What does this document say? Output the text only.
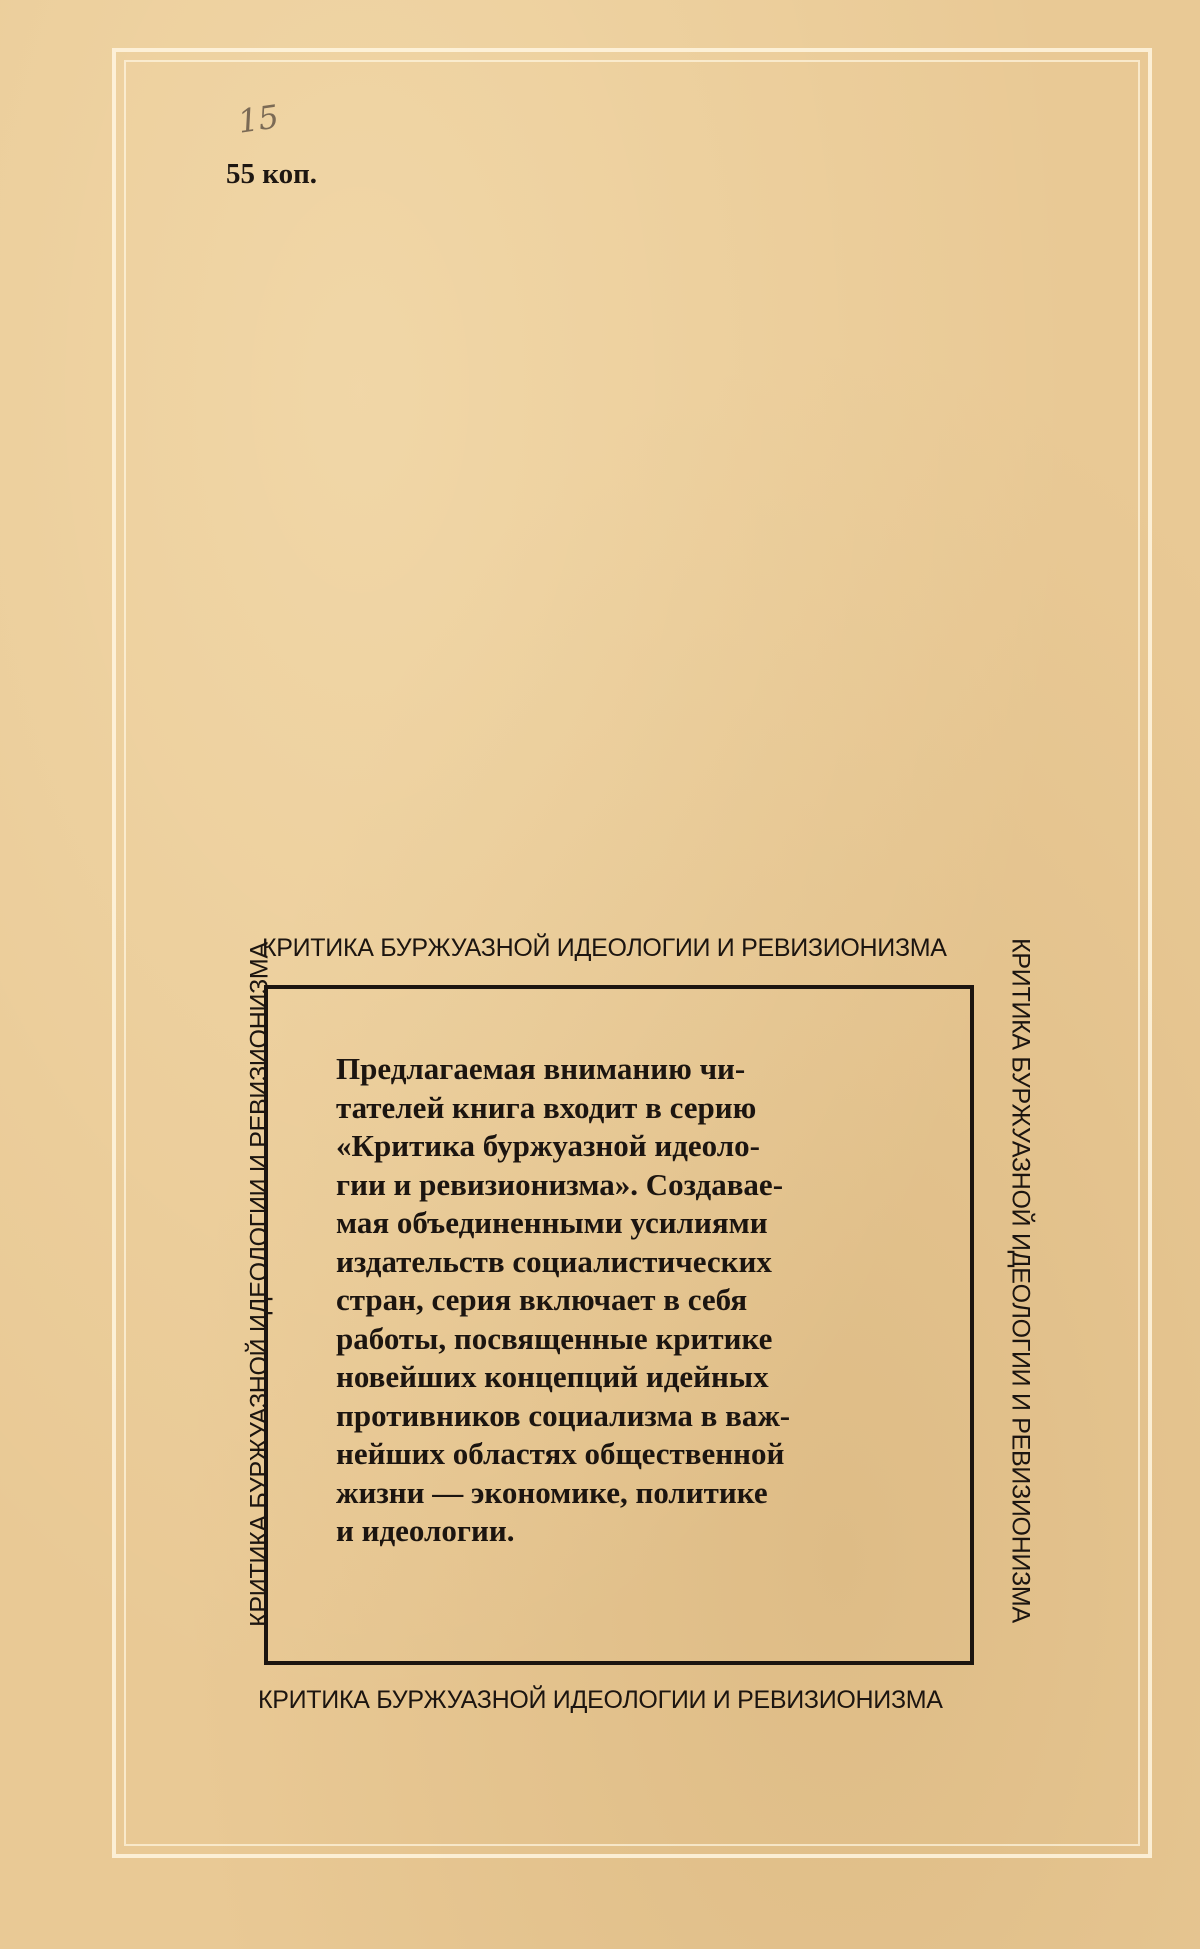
15
55 коп.
КРИТИКА БУРЖУАЗНОЙ ИДЕОЛОГИИ И РЕВИЗИОНИЗМА
КРИТИКА БУРЖУАЗНОЙ ИДЕОЛОГИИ И РЕВИЗИОНИЗМА	КРИТИКА БУРЖУАЗНОЙ ИДЕОЛОГИИ И РЕВИЗИОНИЗМА
КРИТИКА БУРЖУАЗНОЙ ИДЕОЛОГИИ И РЕВИЗИОНИЗМА

Предлагаемая вниманию чи-
тателей книга входит в серию
«Критика буржуазной идеоло-
гии и ревизионизма». Создавае-
мая объединенными усилиями
издательств социалистических
стран, серия включает в себя
работы, посвященные критике
новейших концепций идейных
противников социализма в важ-
нейших областях общественной
жизни — экономике, политике
и идеологии.
